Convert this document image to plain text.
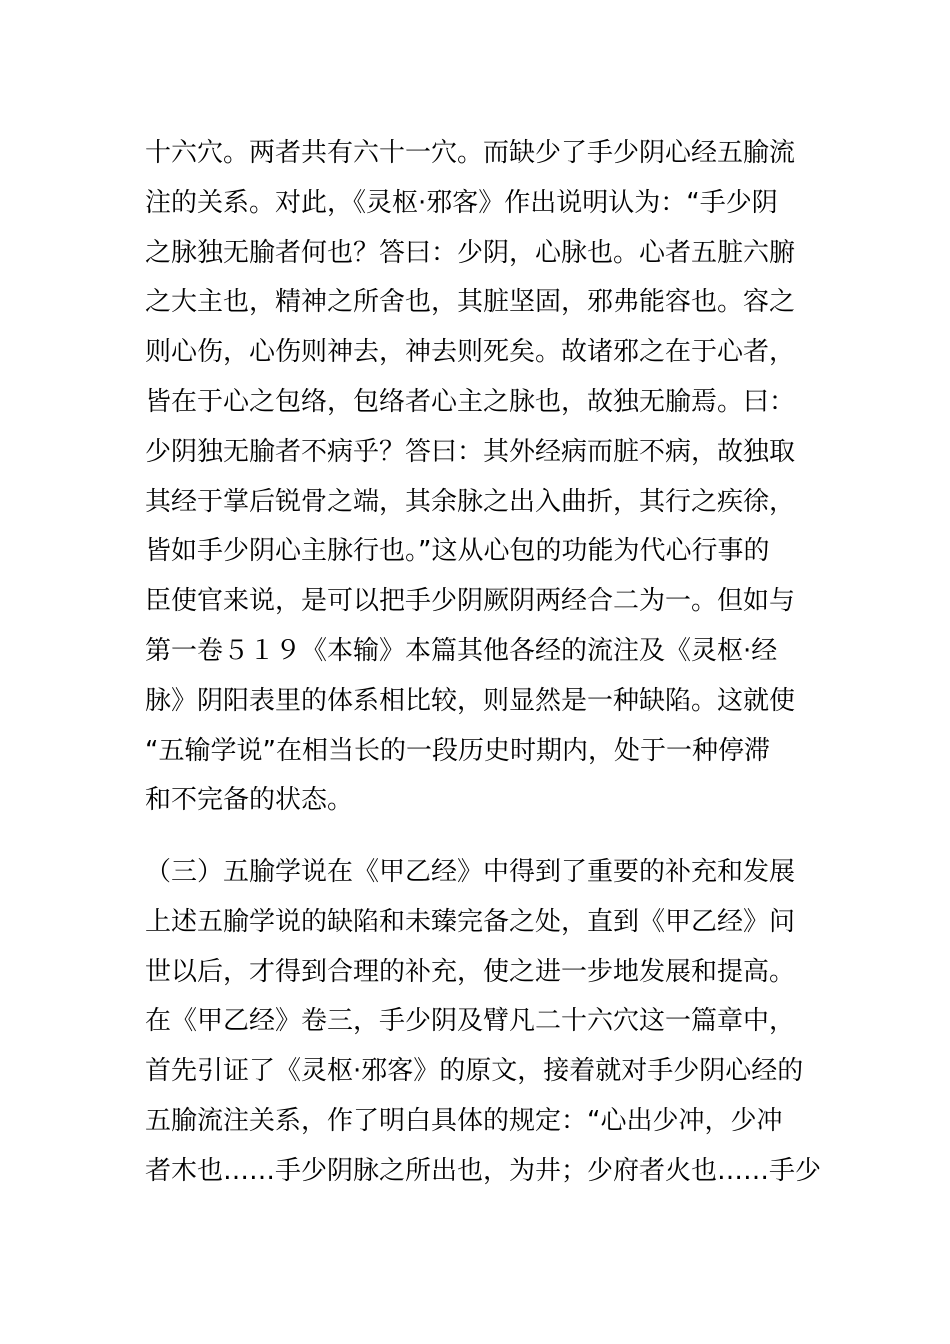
十六穴。两者共有六十一穴。而缺少了手少阴心经五腧流
注的关系。对此，《灵枢·邪客》作出说明认为：“手少阴
之脉独无腧者何也？答曰：少阴，心脉也。心者五脏六腑
之大主也，精神之所舍也，其脏坚固，邪弗能容也。容之
则心伤，心伤则神去，神去则死矣。故诸邪之在于心者，
皆在于心之包络，包络者心主之脉也，故独无腧焉。曰：
少阴独无腧者不病乎？答曰：其外经病而脏不病，故独取
其经于掌后锐骨之端，其余脉之出入曲折，其行之疾徐，
皆如手少阴心主脉行也。”这从心包的功能为代心行事的
臣使官来说，是可以把手少阴厥阴两经合二为一。但如与
第一卷５１９《本输》本篇其他各经的流注及《灵枢·经
脉》阴阳表里的体系相比较，则显然是一种缺陷。这就使
“五输学说”在相当长的一段历史时期内，处于一种停滞
和不完备的状态。
（三）五腧学说在《甲乙经》中得到了重要的补充和发展
上述五腧学说的缺陷和未臻完备之处，直到《甲乙经》问
世以后，才得到合理的补充，使之进一步地发展和提高。
在《甲乙经》卷三，手少阴及臂凡二十六穴这一篇章中，
首先引证了《灵枢·邪客》的原文，接着就对手少阴心经的
五腧流注关系，作了明白具体的规定：“心出少冲，少冲
者木也……手少阴脉之所出也，为井；少府者火也……手少
